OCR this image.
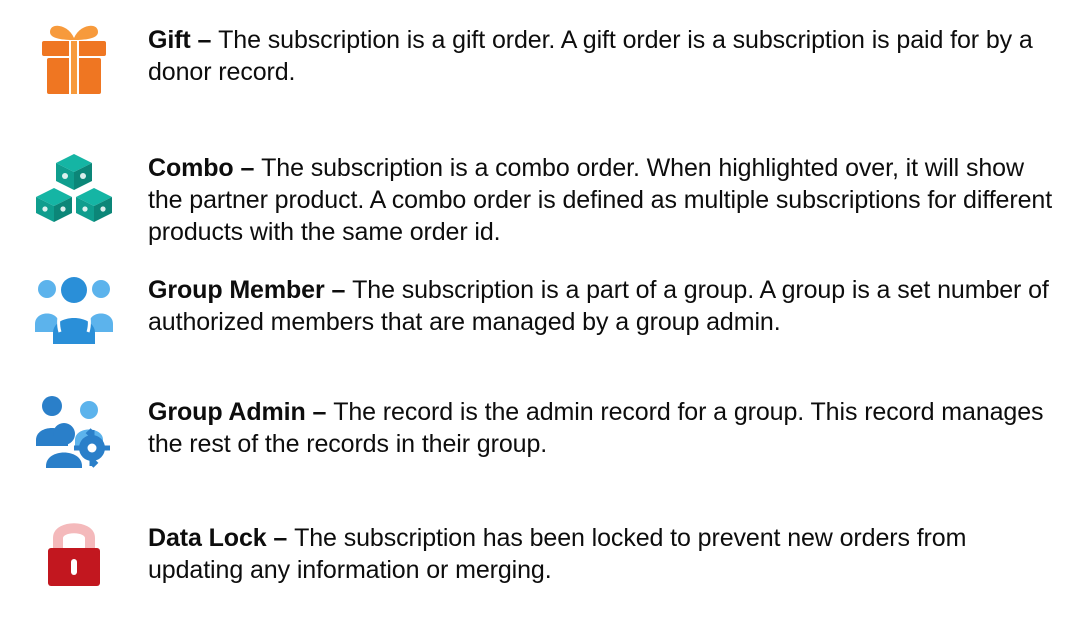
Gift – The subscription is a gift order. A gift order is a subscription is paid for by a donor record.
Combo – The subscription is a combo order. When highlighted over, it will show the partner product. A combo order is defined as multiple subscriptions for different products with the same order id.
Group Member – The subscription is a part of a group. A group is a set number of authorized members that are managed by a group admin.
Group Admin – The record is the admin record for a group. This record manages the rest of the records in their group.
Data Lock – The subscription has been locked to prevent new orders from updating any information or merging.
